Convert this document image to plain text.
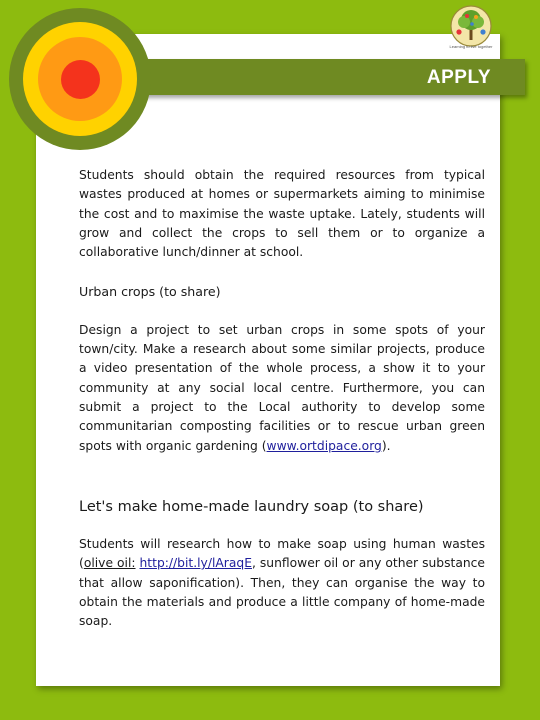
APPLY
Learning to live together

Students should obtain the required resources from typical wastes produced at homes or supermarkets aiming to minimise the cost and to maximise the waste uptake. Lately, students will grow and collect the crops to sell them or to organize a collaborative lunch/dinner at school.

Urban crops (to share)

Design a project to set urban crops in some spots of your town/city. Make a research about some similar projects, produce a video presentation of the whole process, a show it to your community at any social local centre. Furthermore, you can submit a project to the Local authority to develop some communitarian composting facilities or to rescue urban green spots with organic gardening (www.ortdipace.org).

Let's make home-made laundry soap (to share)

Students will research how to make soap using human wastes (olive oil: http://bit.ly/lAraqE, sunflower oil or any other substance that allow saponification). Then, they can organise the way to obtain the materials and produce a little company of home-made soap.
